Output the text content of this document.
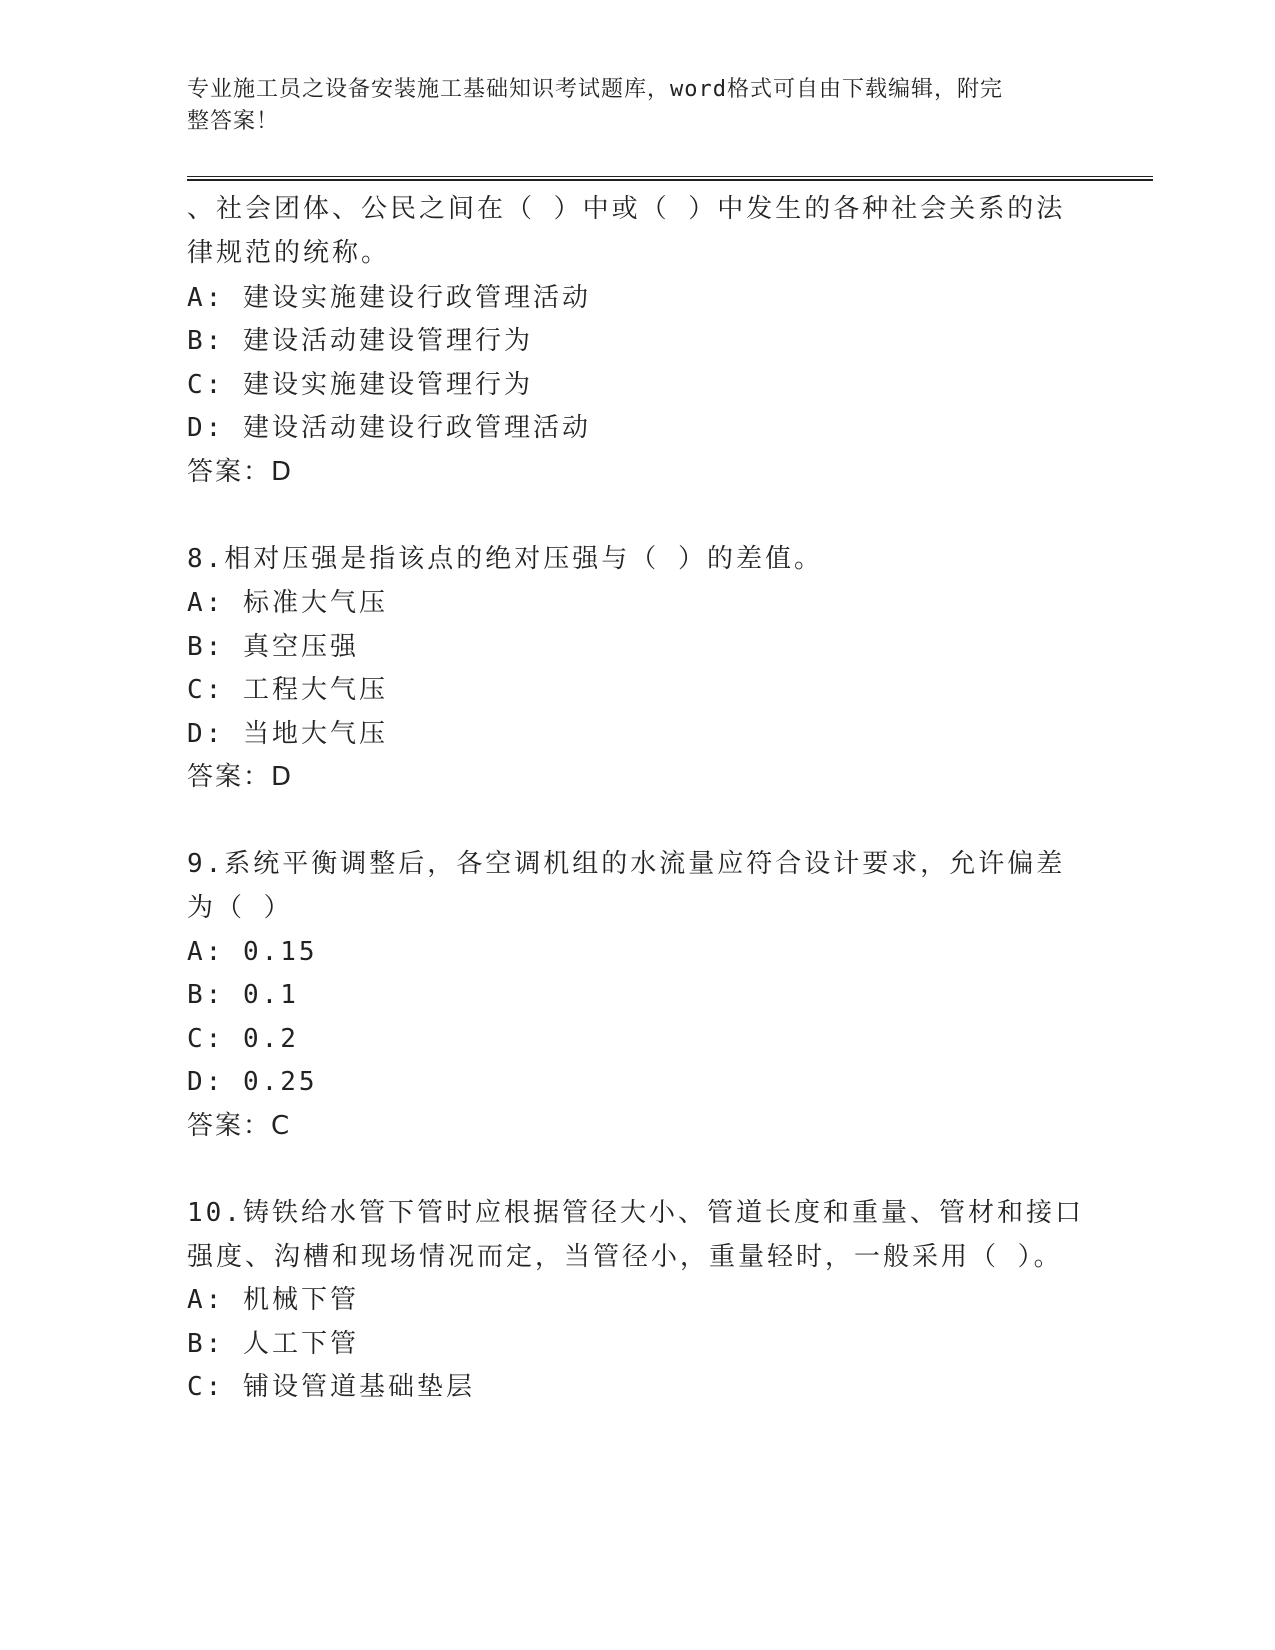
专业施工员之设备安装施工基础知识考试题库，word格式可自由下载编辑，附完
整答案！
、社会团体、公民之间在（ ）中或（ ）中发生的各种社会关系的法
律规范的统称。
A: 建设实施建设行政管理活动
B: 建设活动建设管理行为
C: 建设实施建设管理行为
D: 建设活动建设行政管理活动
答案：D
8.相对压强是指该点的绝对压强与（ ）的差值。
A: 标准大气压
B: 真空压强
C: 工程大气压
D: 当地大气压
答案：D
9.系统平衡调整后，各空调机组的水流量应符合设计要求，允许偏差
为（ ）
A: 0.15
B: 0.1
C: 0.2
D: 0.25
答案：C
10.铸铁给水管下管时应根据管径大小、管道长度和重量、管材和接口
强度、沟槽和现场情况而定，当管径小，重量轻时，一般采用（ ）。
A: 机械下管
B: 人工下管
C: 铺设管道基础垫层
